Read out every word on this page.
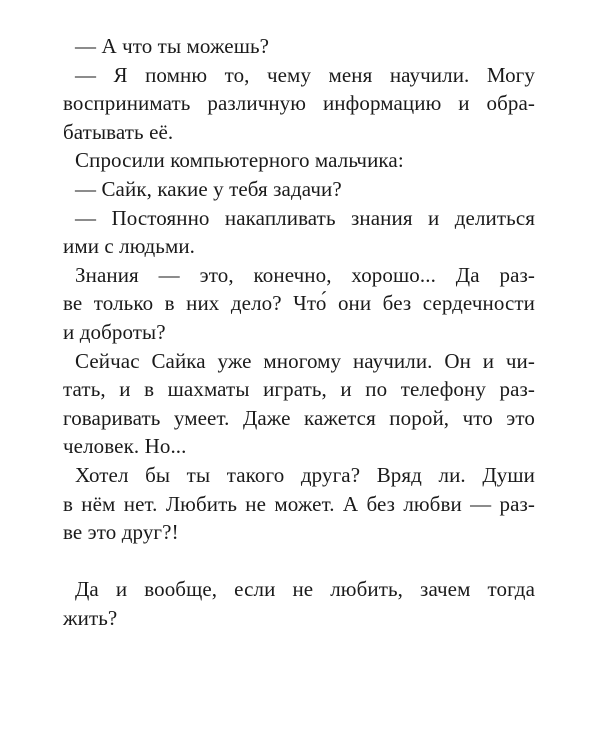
— А что ты можешь?
— Я помню то, чему меня научили. Могу
воспринимать различную информацию и обра-
батывать её.
Спросили компьютерного мальчика:
— Сайк, какие у тебя задачи?
— Постоянно накапливать знания и делиться
ими с людьми.
Знания — это, конечно, хорошо... Да раз-
ве только в них дело? Что́ они без сердечности
и доброты?
Сейчас Сайка уже многому научили. Он и чи-
тать, и в шахматы играть, и по телефону раз-
говаривать умеет. Даже кажется порой, что это
человек. Но...
Хотел бы ты такого друга? Вряд ли. Души
в нём нет. Любить не может. А без любви — раз-
ве это друг?!
Да и вообще, если не любить, зачем тогда
жить?
